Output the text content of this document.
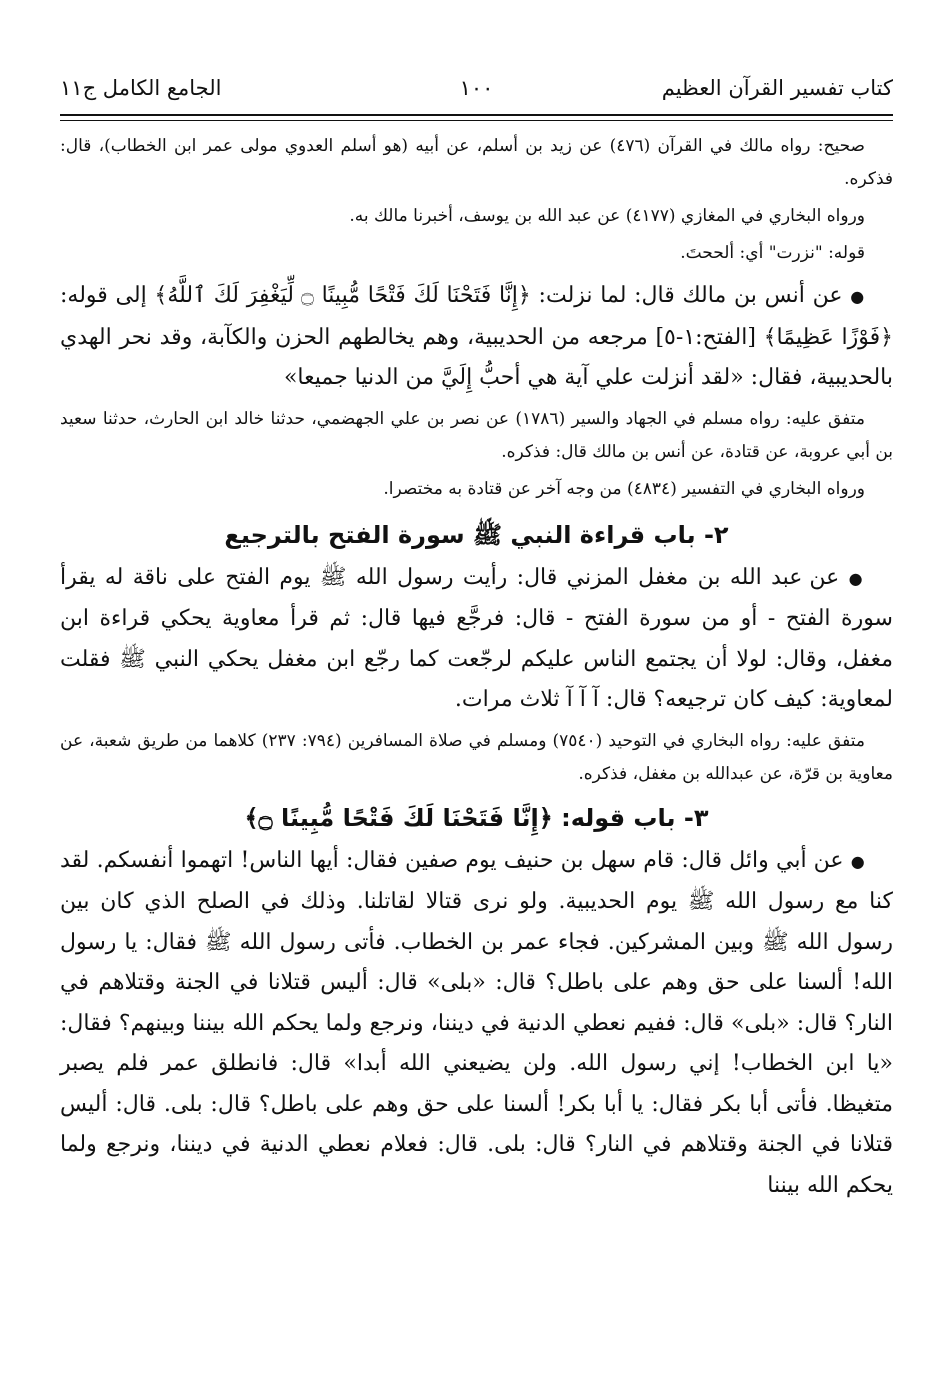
كتاب تفسير القرآن العظيم
١٠٠
الجامع الكامل ج١١

صحيح: رواه مالك في القرآن (٤٧٦) عن زيد بن أسلم، عن أبيه (هو أسلم العدوي مولى عمر ابن الخطاب)، قال: فذكره.

ورواه البخاري في المغازي (٤١٧٧) عن عبد الله بن يوسف، أخبرنا مالك به.

قوله: "نزرت" أي: ألححتَ.

● عن أنس بن مالك قال: لما نزلت: ﴿إِنَّا فَتَحْنَا لَكَ فَتْحًا مُّبِينًا ۝ لِّيَغْفِرَ لَكَ ٱللَّهُ﴾ إلى قوله: ﴿فَوْزًا عَظِيمًا﴾ [الفتح:١-٥] مرجعه من الحديبية، وهم يخالطهم الحزن والكآبة، وقد نحر الهدي بالحديبية، فقال: «لقد أنزلت علي آية هي أحبُّ إِلَيَّ من الدنيا جميعا»

متفق عليه: رواه مسلم في الجهاد والسير (١٧٨٦) عن نصر بن علي الجهضمي، حدثنا خالد ابن الحارث، حدثنا سعيد بن أبي عروبة، عن قتادة، عن أنس بن مالك قال: فذكره.

ورواه البخاري في التفسير (٤٨٣٤) من وجه آخر عن قتادة به مختصرا.

٢- باب قراءة النبي ﷺ سورة الفتح بالترجيع

● عن عبد الله بن مغفل المزني قال: رأيت رسول الله ﷺ يوم الفتح على ناقة له يقرأ سورة الفتح - أو من سورة الفتح - قال: فرجَّع فيها قال: ثم قرأ معاوية يحكي قراءة ابن مغفل، وقال: لولا أن يجتمع الناس عليكم لرجّعت كما رجّع ابن مغفل يحكي النبي ﷺ فقلت لمعاوية: كيف كان ترجيعه؟ قال: آ آ آ ثلاث مرات.

متفق عليه: رواه البخاري في التوحيد (٧٥٤٠) ومسلم في صلاة المسافرين (٧٩٤: ٢٣٧) كلاهما من طريق شعبة، عن معاوية بن قرّة، عن عبدالله بن مغفل، فذكره.

٣- باب قوله: ﴿إِنَّا فَتَحْنَا لَكَ فَتْحًا مُّبِينًا ۝﴾

● عن أبي وائل قال: قام سهل بن حنيف يوم صفين فقال: أيها الناس! اتهموا أنفسكم. لقد كنا مع رسول الله ﷺ يوم الحديبية. ولو نرى قتالا لقاتلنا. وذلك في الصلح الذي كان بين رسول الله ﷺ وبين المشركين. فجاء عمر بن الخطاب. فأتى رسول الله ﷺ فقال: يا رسول الله! ألسنا على حق وهم على باطل؟ قال: «بلى» قال: أليس قتلانا في الجنة وقتلاهم في النار؟ قال: «بلى» قال: ففيم نعطي الدنية في ديننا، ونرجع ولما يحكم الله بيننا وبينهم؟ فقال: «يا ابن الخطاب! إني رسول الله. ولن يضيعني الله أبدا» قال: فانطلق عمر فلم يصبر متغيظا. فأتى أبا بكر فقال: يا أبا بكر! ألسنا على حق وهم على باطل؟ قال: بلى. قال: أليس قتلانا في الجنة وقتلاهم في النار؟ قال: بلى. قال: فعلام نعطي الدنية في ديننا، ونرجع ولما يحكم الله بيننا
